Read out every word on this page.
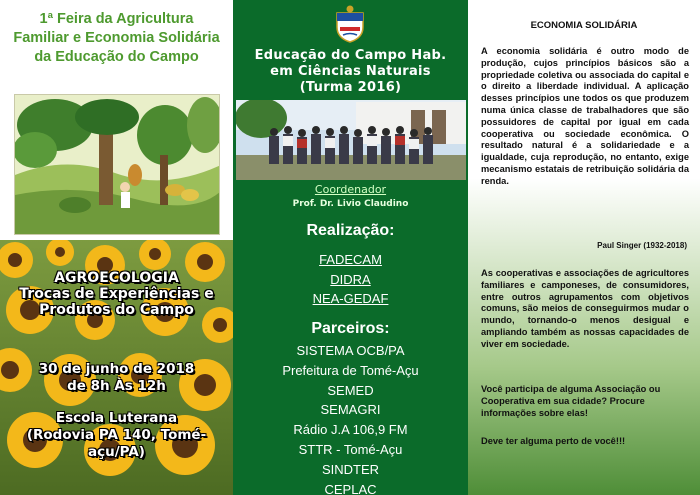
1ª Feira da Agricultura
Familiar e Economia Solidária
da Educação do Campo
AGROECOLOGIA
Trocas de Experiências e
Produtos do Campo
30 de junho de 2018
de 8h Às 12h
Escola Luterana
(Rodovia PA 140, Tomé-açu/PA)
Educação do Campo Hab.
em Ciências Naturais
(Turma 2016)
Coordenador
Prof. Dr. Livio Claudino
Realização:
FADECAM
DIDRA
NEA-GEDAF
Parceiros:
SISTEMA OCB/PA
Prefeitura de Tomé-Açu
SEMED
SEMAGRI
Rádio J.A 106,9 FM
STTR - Tomé-Açu
SINDTER
CEPLAC
ECONOMIA SOLIDÁRIA
A economia solidária é outro modo de produção, cujos princípios básicos são a propriedade coletiva ou associada do capital e o direito a liberdade individual. A aplicação desses princípios une todos os que produzem numa única classe de trabalhadores que são possuidores de capital por igual em cada cooperativa ou sociedade econômica. O resultado natural é a solidariedade e a igualdade, cuja reprodução, no entanto, exige mecanismo estatais de retribuição solidária da renda.
Paul Singer (1932-2018)
As cooperativas e associações de agricultores familiares e camponeses, de consumidores, entre outros agrupamentos com objetivos comuns, são meios de conseguirmos mudar o mundo, tornando-o menos desigual e ampliando também as nossas capacidades de viver em sociedade.
Você participa de alguma Associação ou Cooperativa em sua cidade? Procure informações sobre elas!
Deve ter alguma perto de você!!!
